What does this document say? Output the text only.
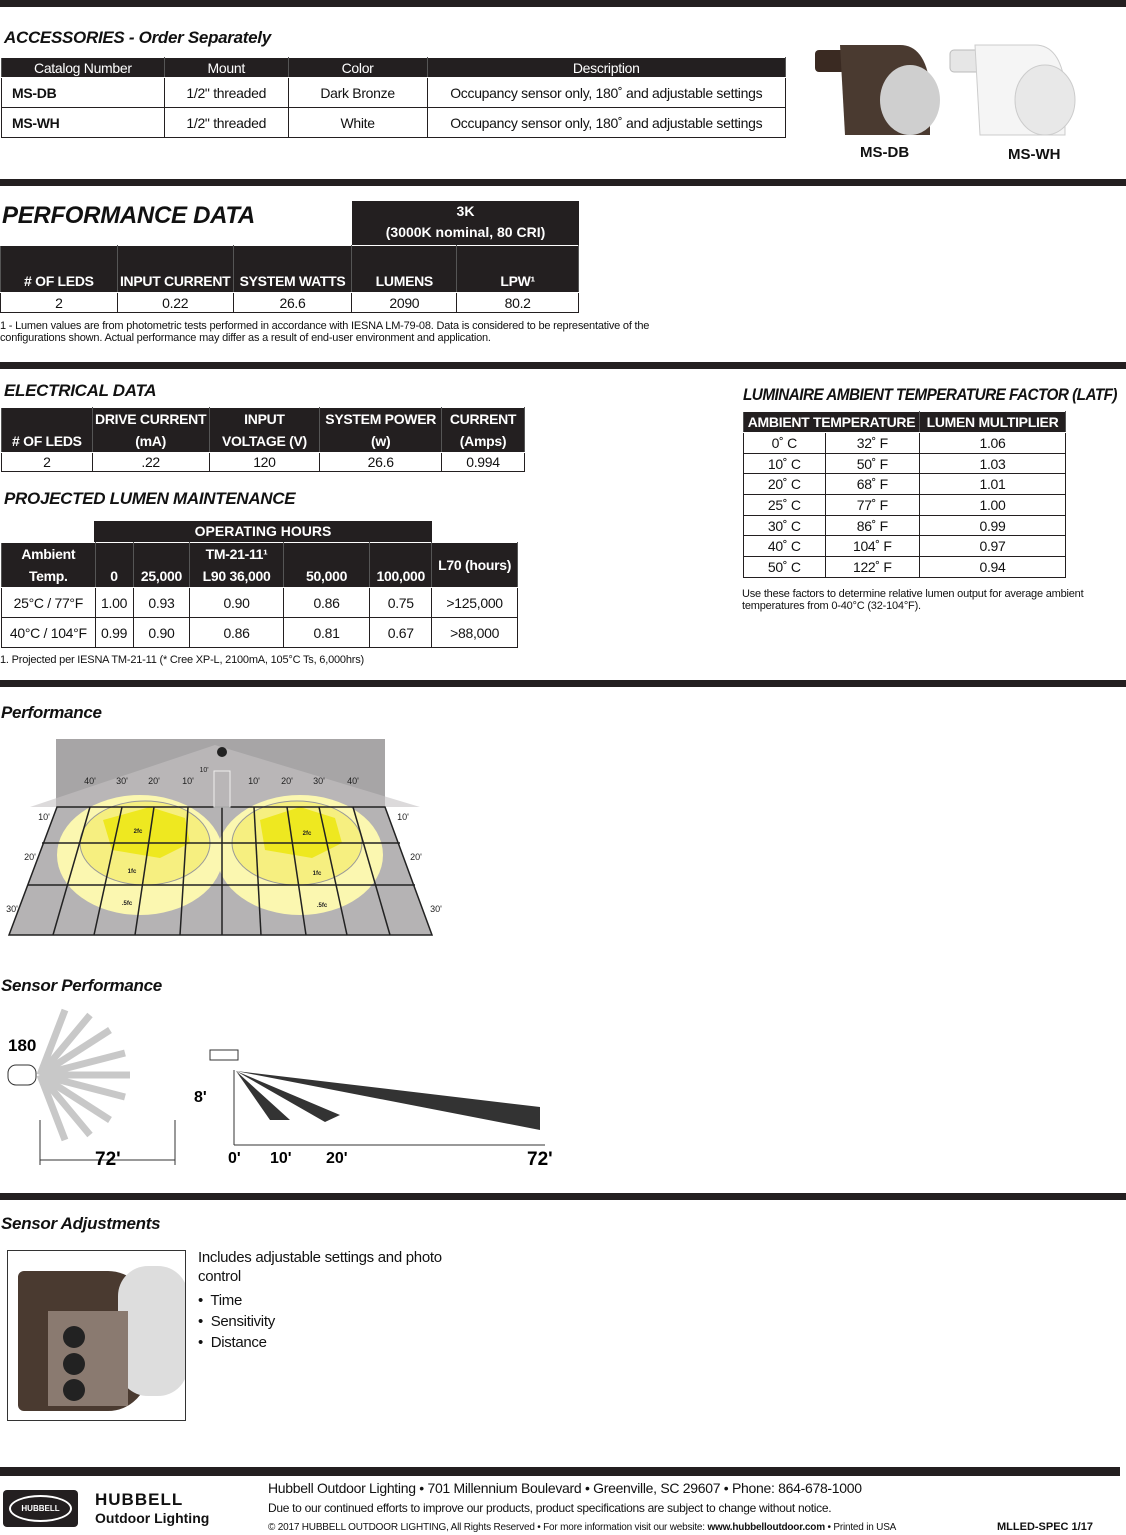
ACCESSORIES - Order Separately
Catalog Number	Mount	Color	Description
MS-DB	1/2" threaded	Dark Bronze	Occupancy sensor only, 180˚ and adjustable settings
MS-WH	1/2" threaded	White	Occupancy sensor only, 180˚ and adjustable settings
MS-DB	MS-WH
PERFORMANCE DATA	3K
(3000K nominal, 80 CRI)
# OF LEDS	INPUT CURRENT	SYSTEM WATTS	LUMENS	LPW¹
2	0.22	26.6	2090	80.2
1 - Lumen values are from photometric tests performed in accordance with IESNA LM-79-08. Data is considered to be representative of the configurations shown. Actual performance may differ as a result of end-user environment and application.
ELECTRICAL DATA
# OF LEDS	DRIVE CURRENT (mA)	INPUT VOLTAGE (V)	SYSTEM POWER (w)	CURRENT (Amps)
2	.22	120	26.6	0.994
PROJECTED LUMEN MAINTENANCE
OPERATING HOURS
Ambient Temp.	0	25,000	TM-21-11¹ L90 36,000	50,000	100,000	L70 (hours)
25°C / 77°F	1.00	0.93	0.90	0.86	0.75	>125,000
40°C / 104°F	0.99	0.90	0.86	0.81	0.67	>88,000
1. Projected per IESNA TM-21-11 (* Cree XP-L, 2100mA, 105°C Ts, 6,000hrs)
LUMINAIRE AMBIENT TEMPERATURE FACTOR (LATF)
AMBIENT TEMPERATURE		LUMEN MULTIPLIER
0˚ C	32˚ F	1.06
10˚ C	50˚ F	1.03
20˚ C	68˚ F	1.01
25˚ C	77˚ F	1.00
30˚ C	86˚ F	0.99
40˚ C	104˚ F	0.97
50˚ C	122˚ F	0.94
Use these factors to determine relative lumen output for average ambient temperatures from 0-40°C (32-104°F).
Performance
40' 30' 20' 10'
10'
10' 20' 30' 40'
10'
20'
30'
10'
20'
30'
2fc	2fc
1fc	1fc
.5fc	.5fc
Sensor Performance
180
72'
8'
0' 10' 20'	72'
Sensor Adjustments
Includes adjustable settings and photo control
•  Time
•  Sensitivity
•  Distance
HUBBELL	HUBBELL
Outdoor Lighting
Hubbell Outdoor Lighting • 701 Millennium Boulevard • Greenville, SC 29607 • Phone: 864-678-1000
Due to our continued efforts to improve our products, product specifications are subject to change without notice.
© 2017 HUBBELL OUTDOOR LIGHTING, All Rights Reserved • For more information visit our website: www.hubbelloutdoor.com • Printed in USA	MLLED-SPEC 1/17
